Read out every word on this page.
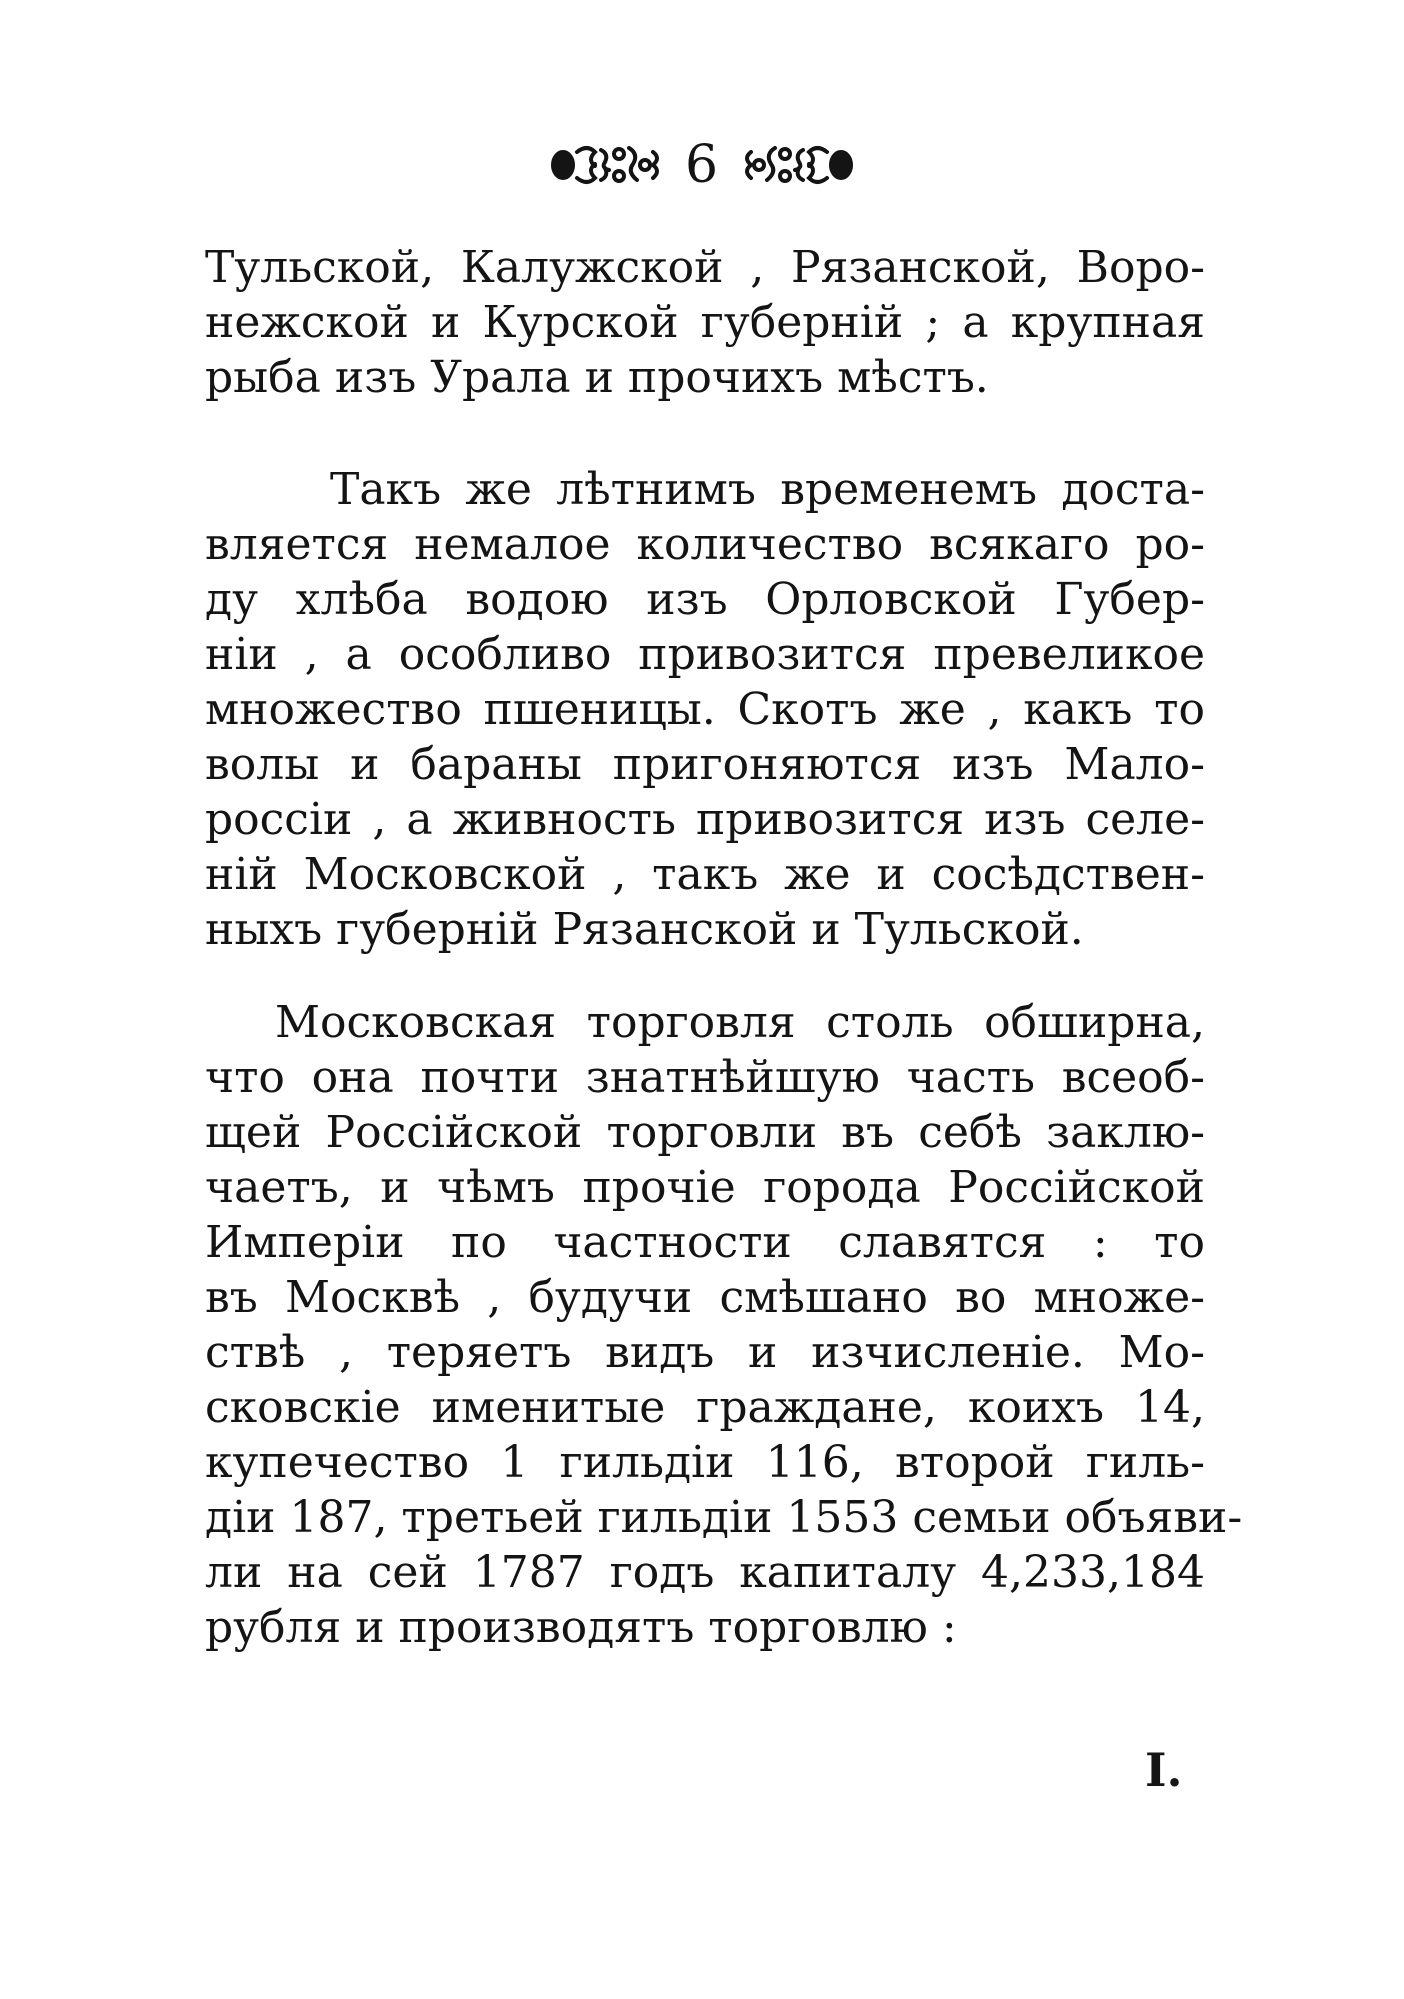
6
Тульской, Калужской , Рязанской, Воро-
нежской и Курской губерній ; а крупная
рыба изъ Урала и прочихъ мѣстъ.
Такъ же лѣтнимъ временемъ доста-
вляется немалое количество всякаго ро-
ду хлѣба водою изъ Орловской Губер-
ніи , а особливо привозится превеликое
множество пшеницы. Скотъ же , какъ то
волы и бараны пригоняются изъ Мало-
россіи , а живность привозится изъ селе-
ній Московской , такъ же и сосѣдствен-
ныхъ губерній Рязанской и Тульской.
Московская торговля столь обширна,
что она почти знатнѣйшую часть всеоб-
щей Россійской торговли въ себѣ заклю-
чаетъ, и чѣмъ прочіе города Россійской
Имперіи по частности славятся : то
въ Москвѣ , будучи смѣшано во множе-
ствѣ , теряетъ видъ и изчисленіе. Мо-
сковскіе именитые граждане, коихъ 14,
купечество 1 гильдіи 116, второй гиль-
діи 187, третьей гильдіи 1553 семьи объяви-
ли на сей 1787 годъ капиталу 4,233,184
рубля и производятъ торговлю :
I.
